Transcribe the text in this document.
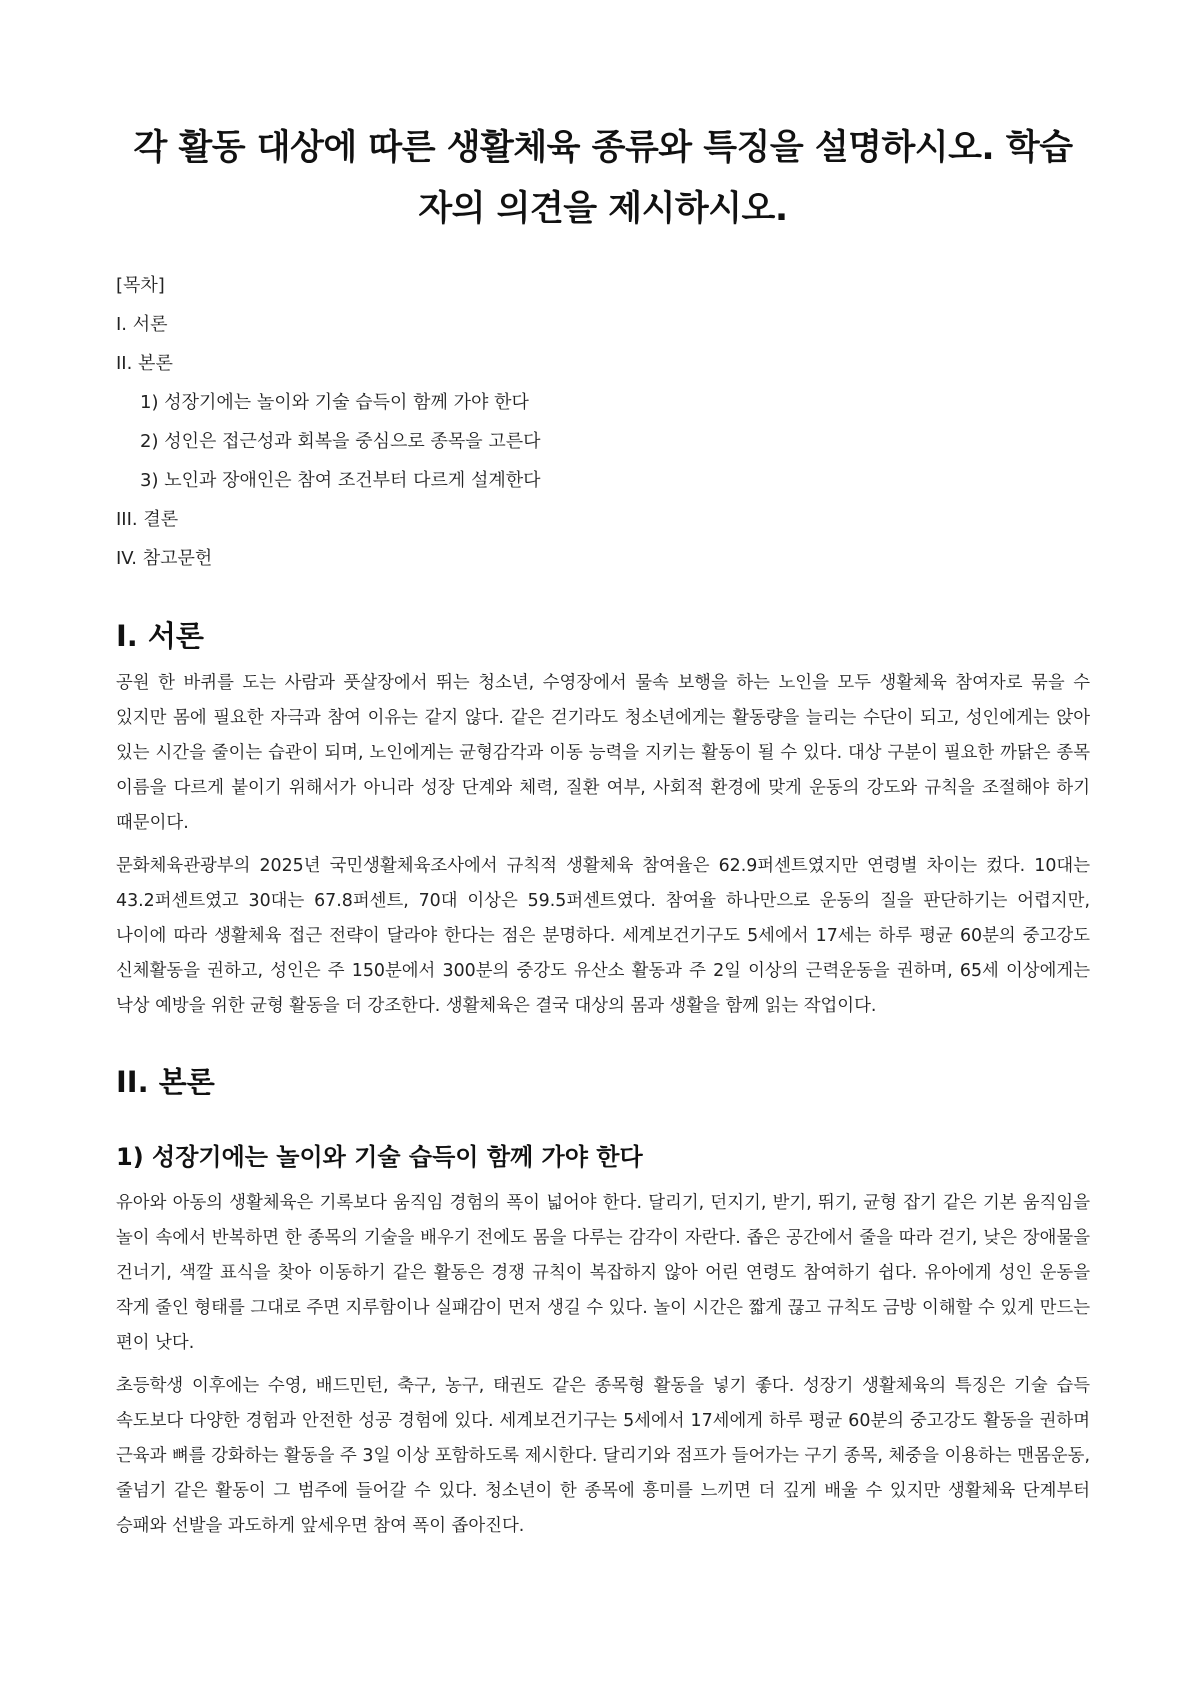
각 활동 대상에 따른 생활체육 종류와 특징을 설명하시오. 학습자의 의견을 제시하시오.
[목차]
I. 서론
II. 본론
1) 성장기에는 놀이와 기술 습득이 함께 가야 한다
2) 성인은 접근성과 회복을 중심으로 종목을 고른다
3) 노인과 장애인은 참여 조건부터 다르게 설계한다
III. 결론
IV. 참고문헌
I. 서론

공원 한 바퀴를 도는 사람과 풋살장에서 뛰는 청소년, 수영장에서 물속 보행을 하는 노인을 모두 생활체육 참여자로 묶을 수 있지만 몸에 필요한 자극과 참여 이유는 같지 않다. 같은 걷기라도 청소년에게는 활동량을 늘리는 수단이 되고, 성인에게는 앉아 있는 시간을 줄이는 습관이 되며, 노인에게는 균형감각과 이동 능력을 지키는 활동이 될 수 있다. 대상 구분이 필요한 까닭은 종목 이름을 다르게 붙이기 위해서가 아니라 성장 단계와 체력, 질환 여부, 사회적 환경에 맞게 운동의 강도와 규칙을 조절해야 하기 때문이다.

문화체육관광부의 2025년 국민생활체육조사에서 규칙적 생활체육 참여율은 62.9퍼센트였지만 연령별 차이는 컸다. 10대는 43.2퍼센트였고 30대는 67.8퍼센트, 70대 이상은 59.5퍼센트였다. 참여율 하나만으로 운동의 질을 판단하기는 어렵지만, 나이에 따라 생활체육 접근 전략이 달라야 한다는 점은 분명하다. 세계보건기구도 5세에서 17세는 하루 평균 60분의 중고강도 신체활동을 권하고, 성인은 주 150분에서 300분의 중강도 유산소 활동과 주 2일 이상의 근력운동을 권하며, 65세 이상에게는 낙상 예방을 위한 균형 활동을 더 강조한다. 생활체육은 결국 대상의 몸과 생활을 함께 읽는 작업이다.

II. 본론
1) 성장기에는 놀이와 기술 습득이 함께 가야 한다

유아와 아동의 생활체육은 기록보다 움직임 경험의 폭이 넓어야 한다. 달리기, 던지기, 받기, 뛰기, 균형 잡기 같은 기본 움직임을 놀이 속에서 반복하면 한 종목의 기술을 배우기 전에도 몸을 다루는 감각이 자란다. 좁은 공간에서 줄을 따라 걷기, 낮은 장애물을 건너기, 색깔 표식을 찾아 이동하기 같은 활동은 경쟁 규칙이 복잡하지 않아 어린 연령도 참여하기 쉽다. 유아에게 성인 운동을 작게 줄인 형태를 그대로 주면 지루함이나 실패감이 먼저 생길 수 있다. 놀이 시간은 짧게 끊고 규칙도 금방 이해할 수 있게 만드는 편이 낫다.

초등학생 이후에는 수영, 배드민턴, 축구, 농구, 태권도 같은 종목형 활동을 넣기 좋다. 성장기 생활체육의 특징은 기술 습득 속도보다 다양한 경험과 안전한 성공 경험에 있다. 세계보건기구는 5세에서 17세에게 하루 평균 60분의 중고강도 활동을 권하며 근육과 뼈를 강화하는 활동을 주 3일 이상 포함하도록 제시한다. 달리기와 점프가 들어가는 구기 종목, 체중을 이용하는 맨몸운동, 줄넘기 같은 활동이 그 범주에 들어갈 수 있다. 청소년이 한 종목에 흥미를 느끼면 더 깊게 배울 수 있지만 생활체육 단계부터 승패와 선발을 과도하게 앞세우면 참여 폭이 좁아진다.
